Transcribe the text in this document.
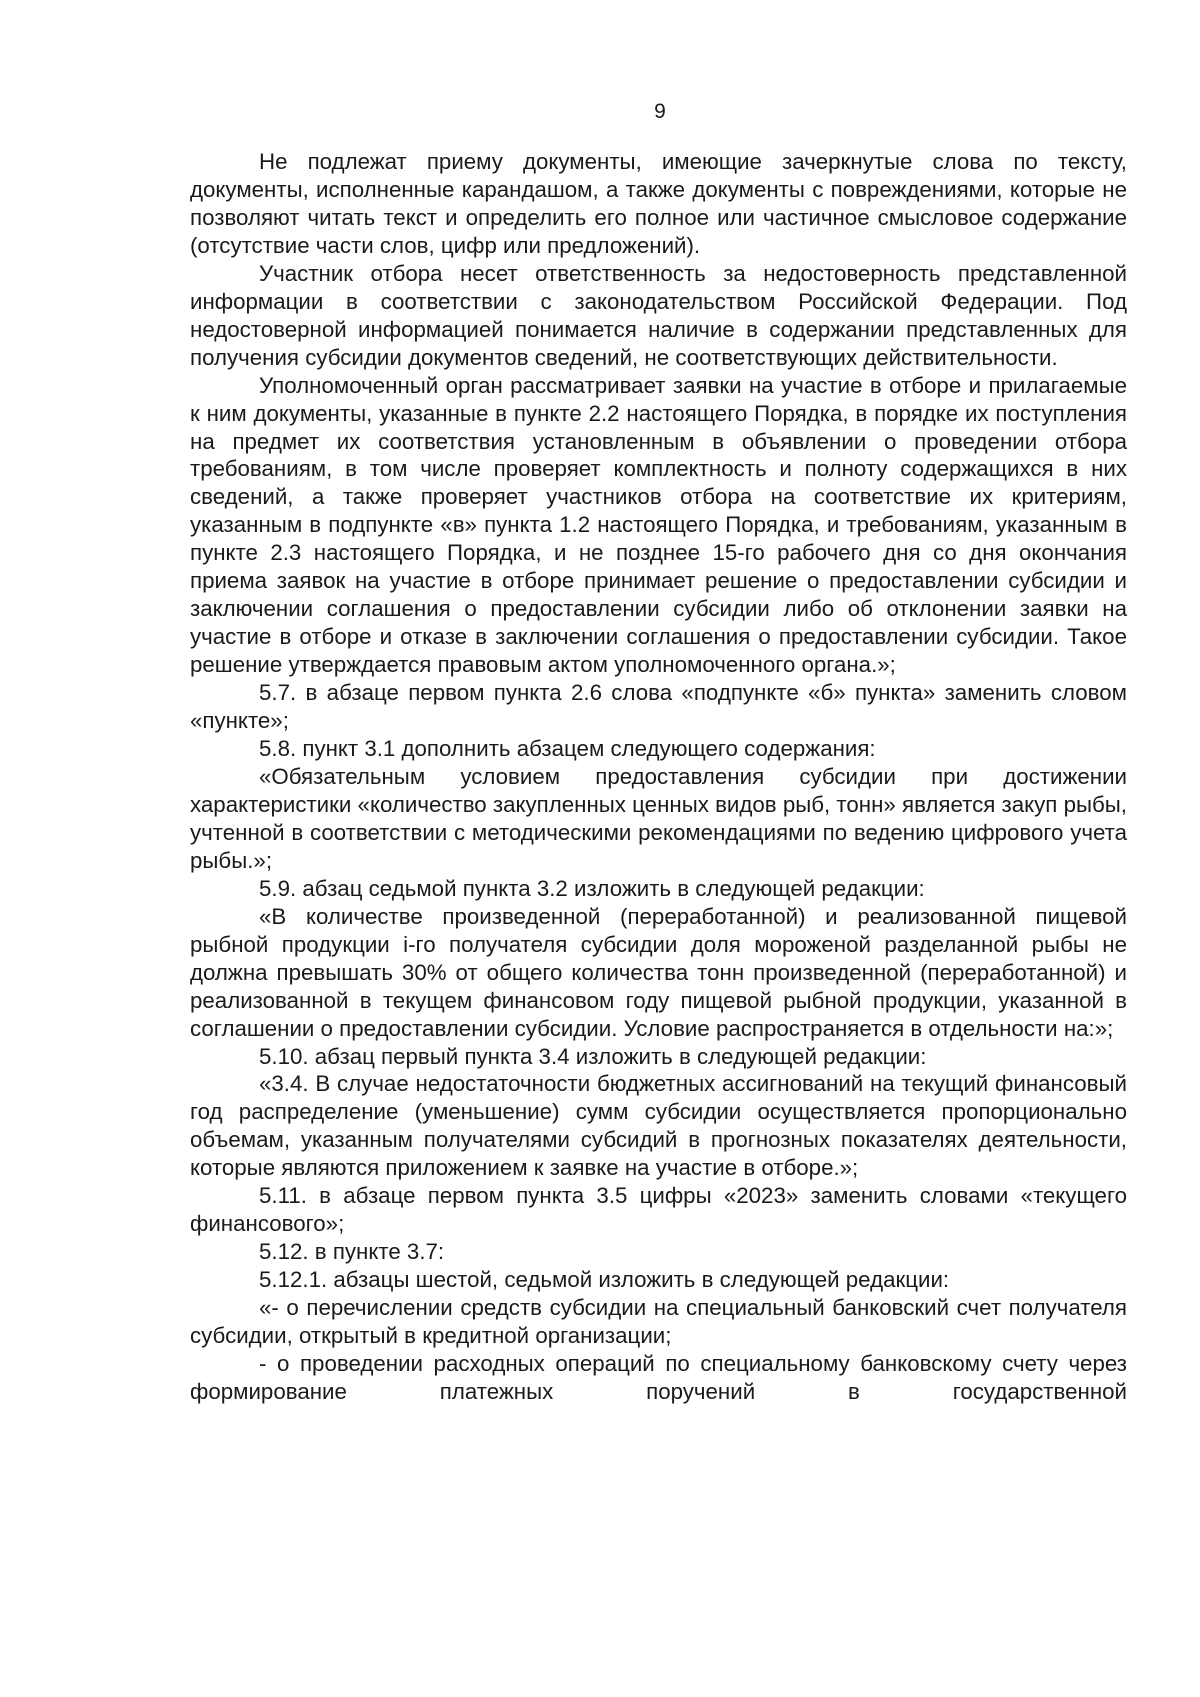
9

Не подлежат приему документы, имеющие зачеркнутые слова по тексту, документы, исполненные карандашом, а также документы с повреждениями, которые не позволяют читать текст и определить его полное или частичное смысловое содержание (отсутствие части слов, цифр или предложений).

Участник отбора несет ответственность за недостоверность представленной информации в соответствии с законодательством Российской Федерации. Под недостоверной информацией понимается наличие в содержании представленных для получения субсидии документов сведений, не соответствующих действительности.

Уполномоченный орган рассматривает заявки на участие в отборе и прилагаемые к ним документы, указанные в пункте 2.2 настоящего Порядка, в порядке их поступления на предмет их соответствия установленным в объявлении о проведении отбора требованиям, в том числе проверяет комплектность и полноту содержащихся в них сведений, а также проверяет участников отбора на соответствие их критериям, указанным в подпункте «в» пункта 1.2 настоящего Порядка, и требованиям, указанным в пункте 2.3 настоящего Порядка, и не позднее 15-го рабочего дня со дня окончания приема заявок на участие в отборе принимает решение о предоставлении субсидии и заключении соглашения о предоставлении субсидии либо об отклонении заявки на участие в отборе и отказе в заключении соглашения о предоставлении субсидии. Такое решение утверждается правовым актом уполномоченного органа.»;

5.7. в абзаце первом пункта 2.6 слова «подпункте «б» пункта» заменить словом «пункте»;

5.8. пункт 3.1 дополнить абзацем следующего содержания:

«Обязательным условием предоставления субсидии при достижении характеристики «количество закупленных ценных видов рыб, тонн» является закуп рыбы, учтенной в соответствии с методическими рекомендациями по ведению цифрового учета рыбы.»;

5.9. абзац седьмой пункта 3.2 изложить в следующей редакции:

«В количестве произведенной (переработанной) и реализованной пищевой рыбной продукции i-го получателя субсидии доля мороженой разделанной рыбы не должна превышать 30% от общего количества тонн произведенной (переработанной) и реализованной в текущем финансовом году пищевой рыбной продукции, указанной в соглашении о предоставлении субсидии. Условие распространяется в отдельности на:»;

5.10. абзац первый пункта 3.4 изложить в следующей редакции:

«3.4. В случае недостаточности бюджетных ассигнований на текущий финансовый год распределение (уменьшение) сумм субсидии осуществляется пропорционально объемам, указанным получателями субсидий в прогнозных показателях деятельности, которые являются приложением к заявке на участие в отборе.»;

5.11. в абзаце первом пункта 3.5 цифры «2023» заменить словами «текущего финансового»;

5.12. в пункте 3.7:

5.12.1. абзацы шестой, седьмой изложить в следующей редакции:

«- о перечислении средств субсидии на специальный банковский счет получателя субсидии, открытый в кредитной организации;

- о проведении расходных операций по специальному банковскому счету через формирование платежных поручений в государственной
